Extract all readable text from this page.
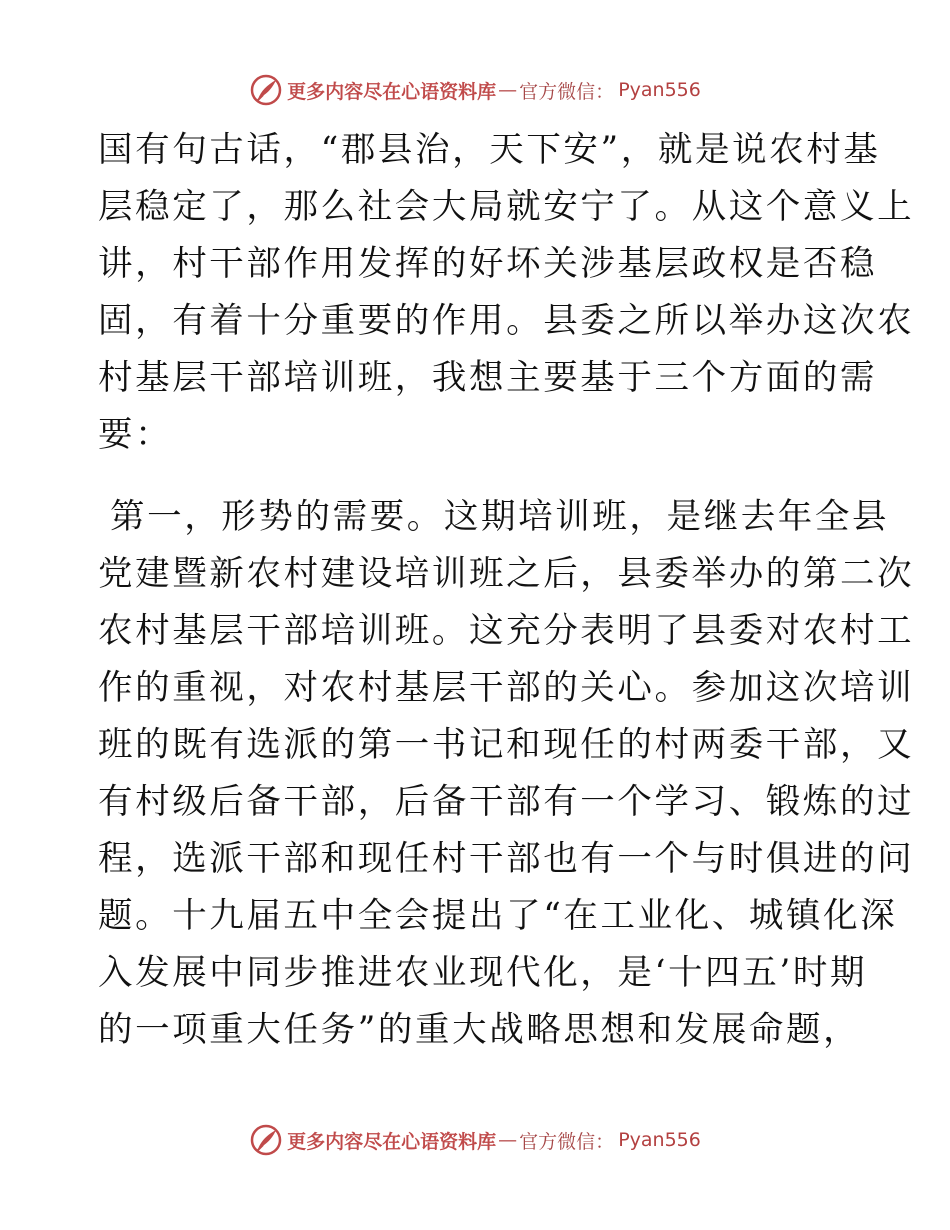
更多内容尽在心语资料库 — 官方微信： Pyan556
国有句古话，“郡县治，天下安”，就是说农村基
层稳定了，那么社会大局就安宁了。从这个意义上
讲，村干部作用发挥的好坏关涉基层政权是否稳
固，有着十分重要的作用。县委之所以举办这次农
村基层干部培训班，我想主要基于三个方面的需
要：
第一，形势的需要。这期培训班，是继去年全县
党建暨新农村建设培训班之后，县委举办的第二次
农村基层干部培训班。这充分表明了县委对农村工
作的重视，对农村基层干部的关心。参加这次培训
班的既有选派的第一书记和现任的村两委干部，又
有村级后备干部，后备干部有一个学习、锻炼的过
程，选派干部和现任村干部也有一个与时俱进的问
题。十九届五中全会提出了“在工业化、城镇化深
入发展中同步推进农业现代化，是‘十四五’时期
的一项重大任务”的重大战略思想和发展命题，
更多内容尽在心语资料库 — 官方微信： Pyan556
